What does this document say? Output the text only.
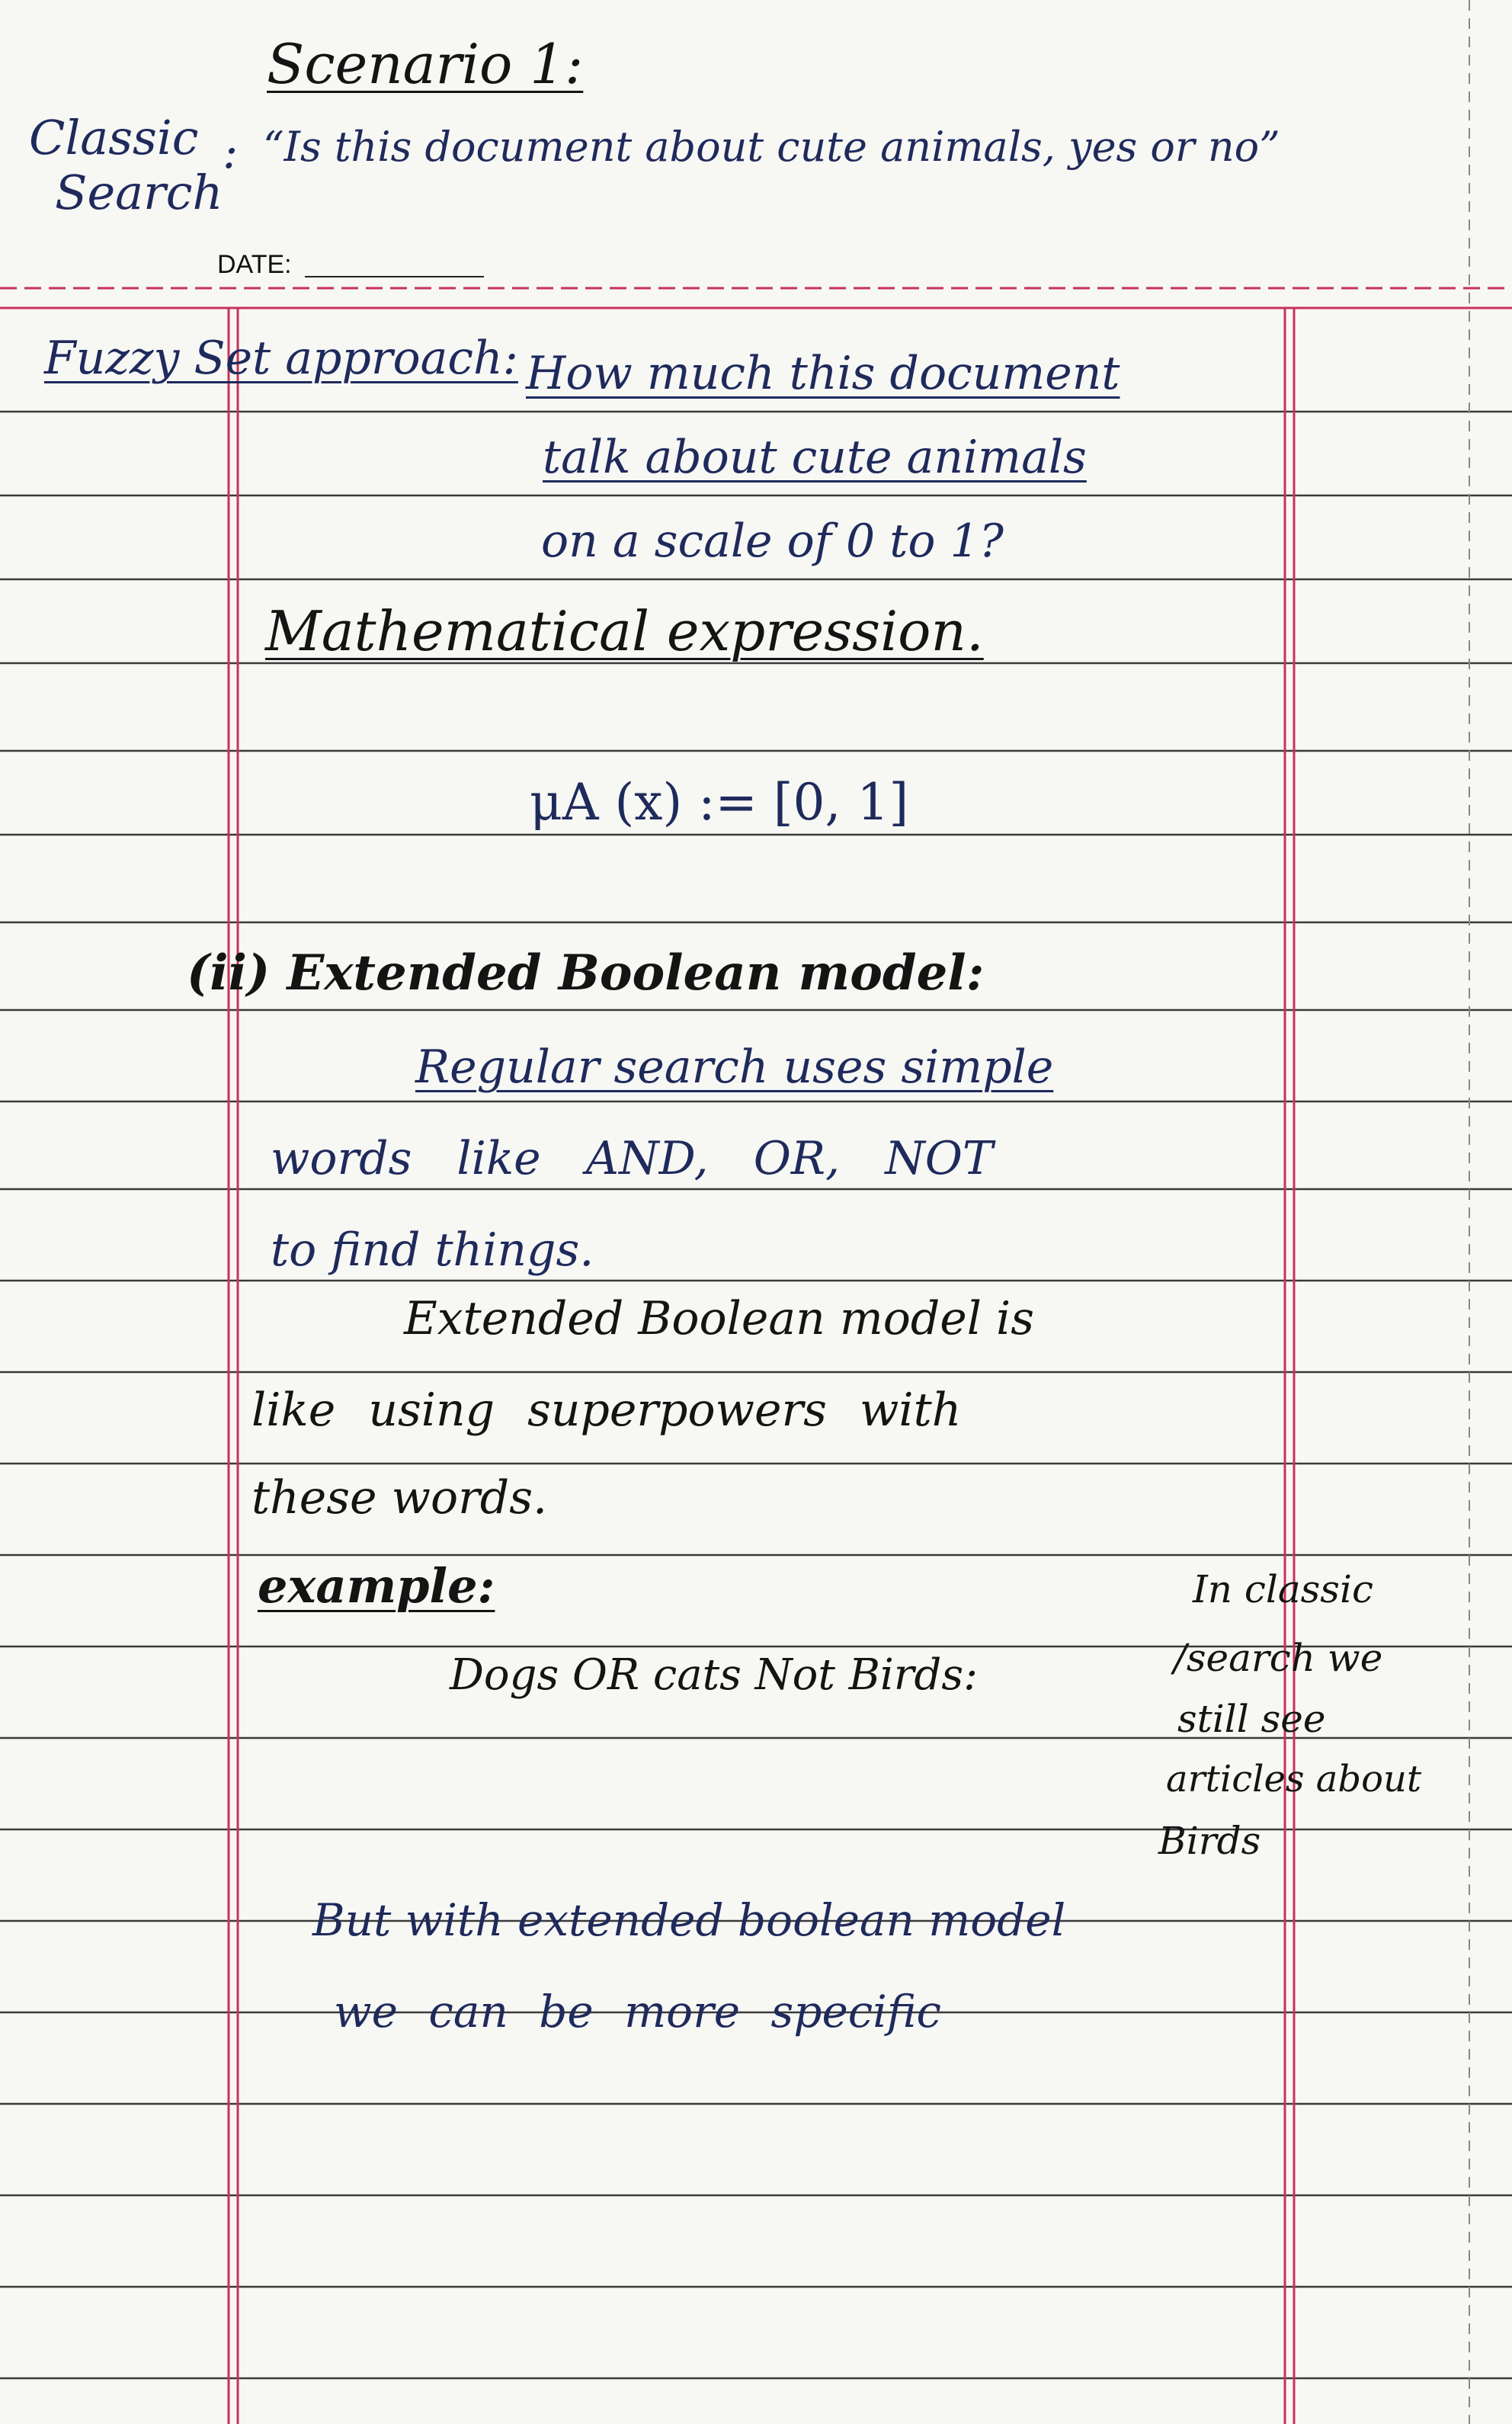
Scenario 1:
Classic
Search
: “Is this document about cute animals, yes or no”
DATE:
Fuzzy Set approach: How much this document
talk about cute animals
on a scale of 0 to 1?
Mathematical expression.
μA (x) := [0, 1]
(ii) Extended Boolean model:
Regular search uses simple
words like AND, OR, NOT
to find things.
Extended Boolean model is
like using superpowers with
these words.
example:
Dogs OR cats Not Birds:
In classic
/search we
still see
articles about
Birds
But with extended boolean model
we can be more specific
